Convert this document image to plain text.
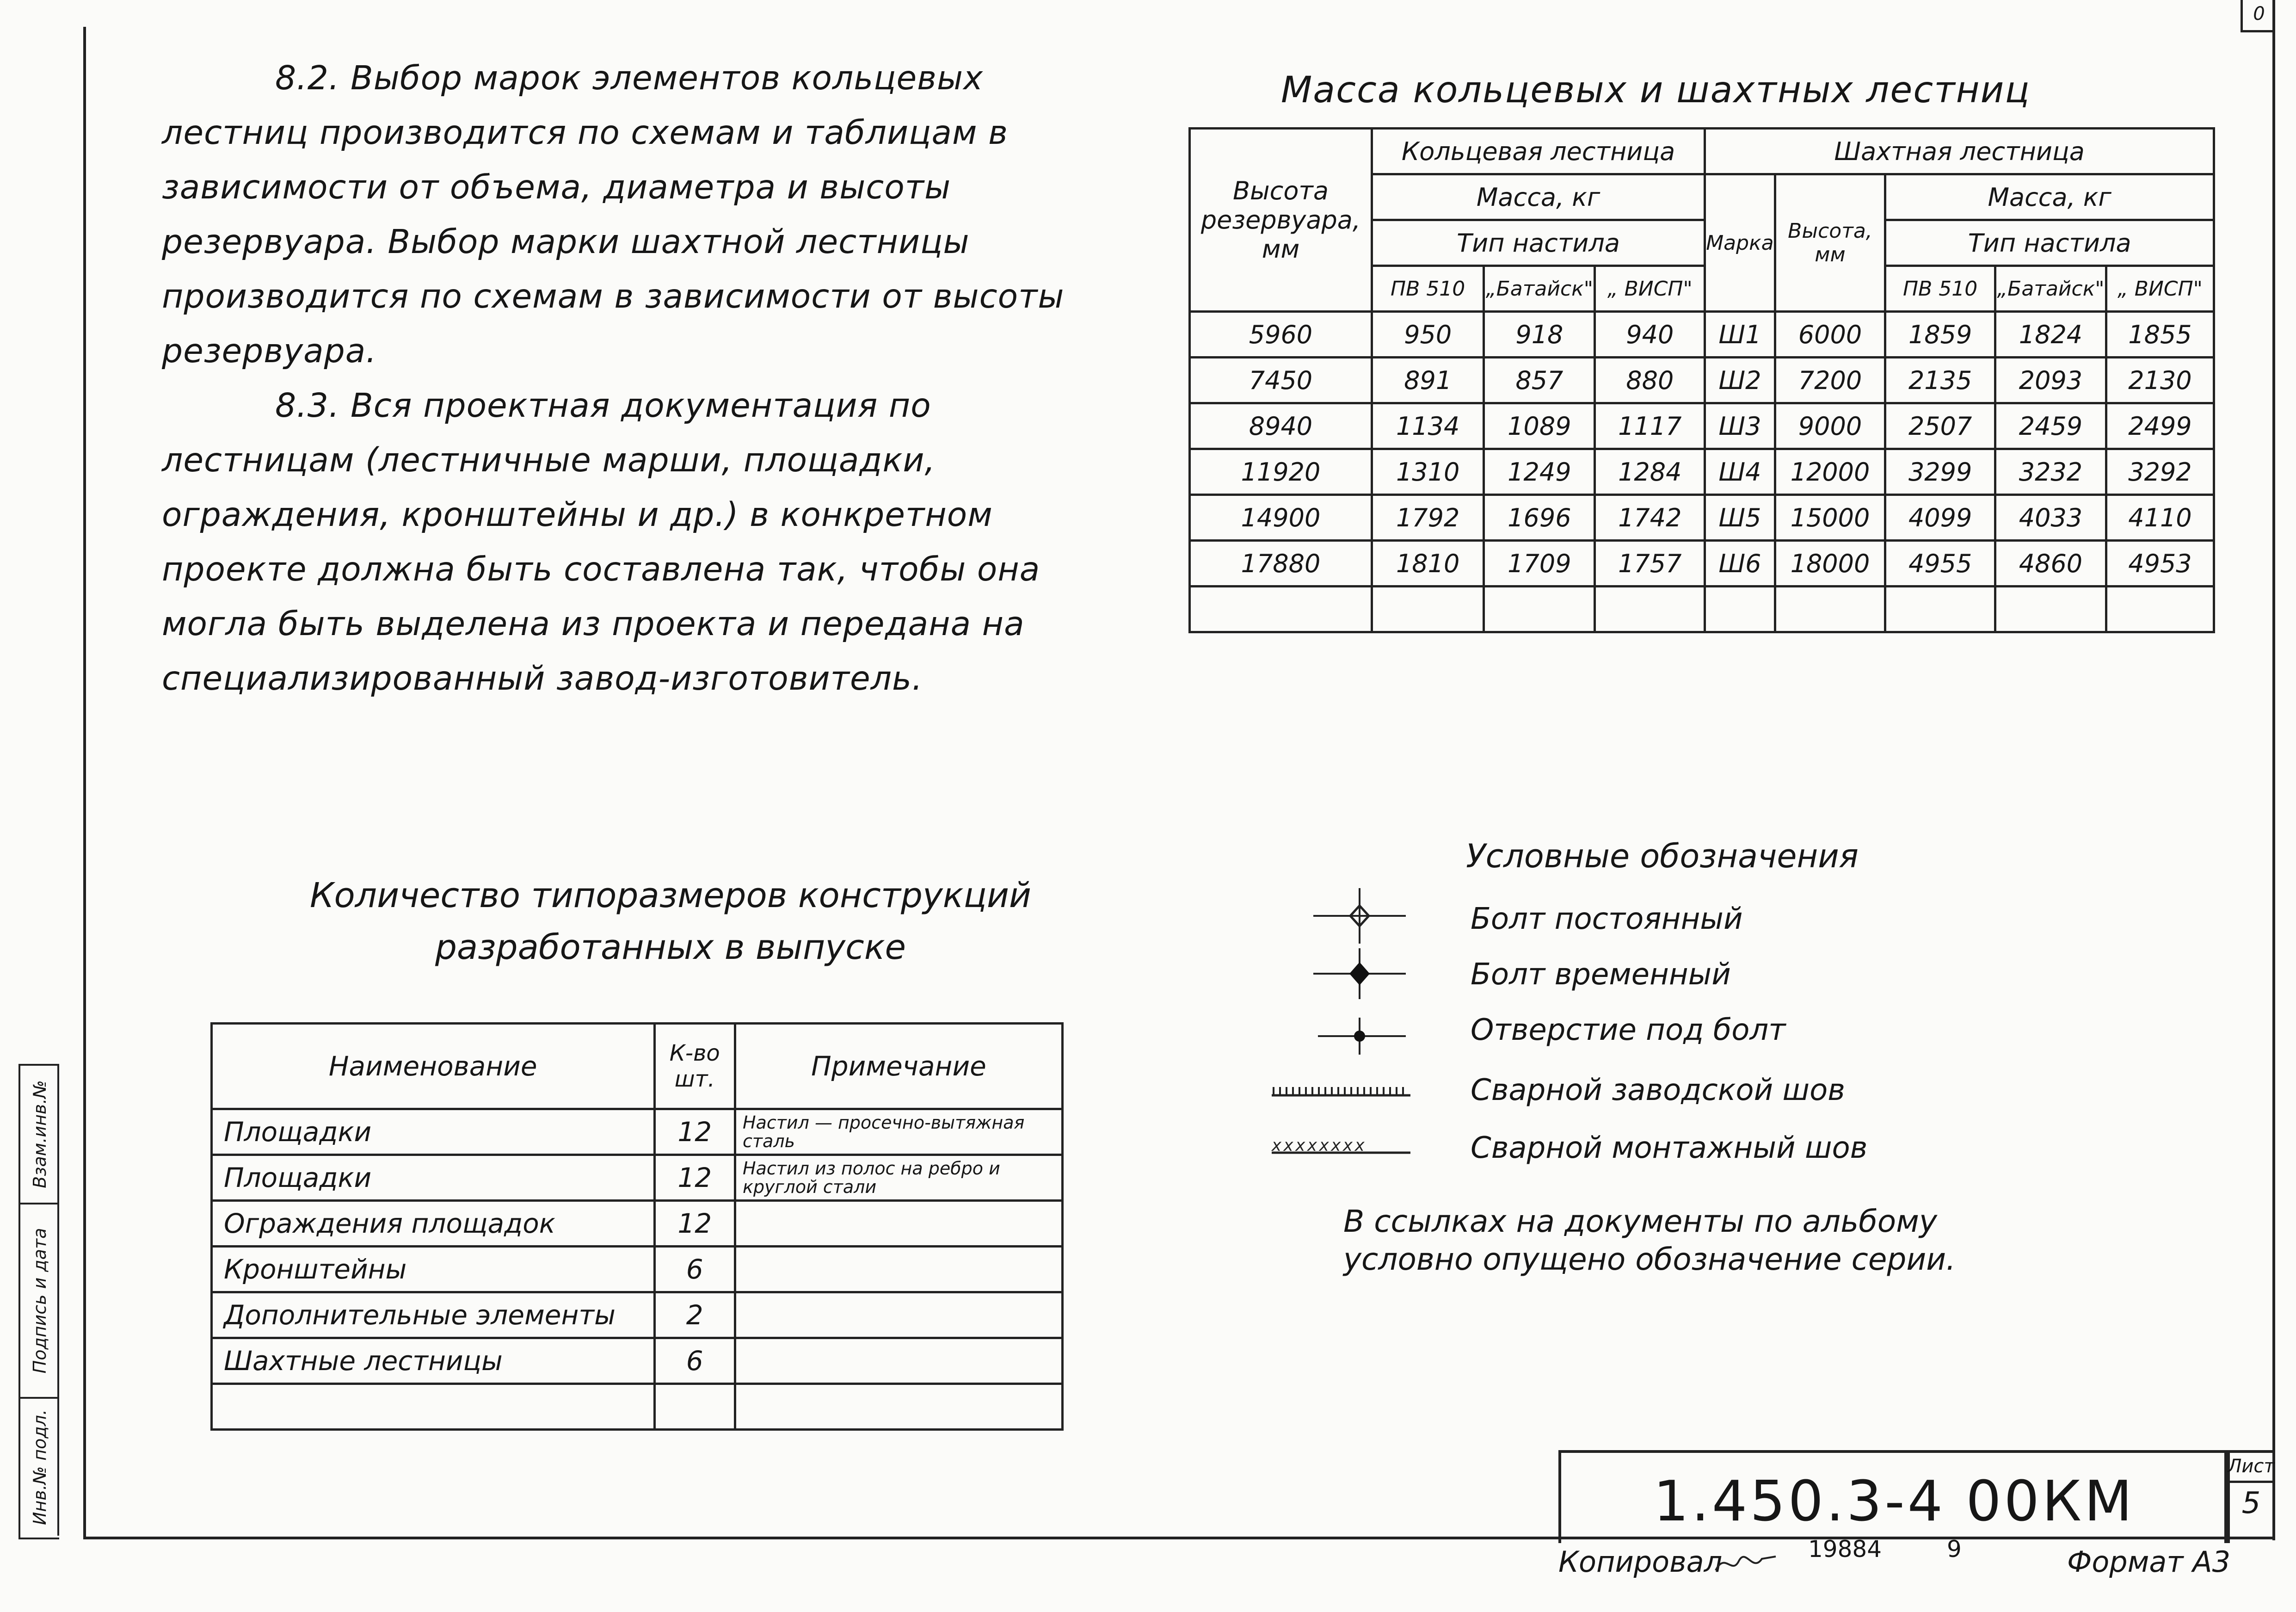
0
Взам.инв.№
Подпись и дата
Инв.№ подл.

8.2. Выбор марок элементов кольцевых лестниц производится по схемам и таблицам в зависимости от объема, диаметра и высоты резервуара. Выбор марки шахтной лестницы производится по схемам в зависимости от высоты резервуара.

8.3. Вся проектная документация по лестницам (лестничные марши, площадки, ограждения, кронштейны и др.) в конкретном проекте должна быть составлена так, чтобы она могла быть выделена из проекта и передана на специализированный завод-изготовитель.

Масса кольцевых и шахтных лестниц
Высота резервуара, мм	Кольцевая лестница			Шахтная лестница				
	Масса, кг			Марка	Высота, мм	Масса, кг		
	Тип настила					Тип настила		
	ПВ 510	„Батайск"	„ ВИСП"			ПВ 510	„Батайск"	„ ВИСП"
5960	950	918	940	Ш1	6000	1859	1824	1855
7450	891	857	880	Ш2	7200	2135	2093	2130
8940	1134	1089	1117	Ш3	9000	2507	2459	2499
11920	1310	1249	1284	Ш4	12000	3299	3232	3292
14900	1792	1696	1742	Ш5	15000	4099	4033	4110
17880	1810	1709	1757	Ш6	18000	4955	4860	4953

Количество типоразмеров конструкций
разработанных в выпуске
Наименование	К-во шт.	Примечание
Площадки	12	Настил — просечно-вытяжная сталь
Площадки	12	Настил из полос на ребро и круглой стали
Ограждения площадок	12	
Кронштейны	6	
Дополнительные элементы	2	
Шахтные лестницы	6	

Условные обозначения
xxxxxxxx
Болт постоянный
Болт временный
Отверстие под болт
Сварной заводской шов
Сварной монтажный шов
В ссылках на документы по альбому
условно опущено обозначение серии.
1.450.3-4 00КМ
Лист
5
Копировал	19884	9	Формат А3
